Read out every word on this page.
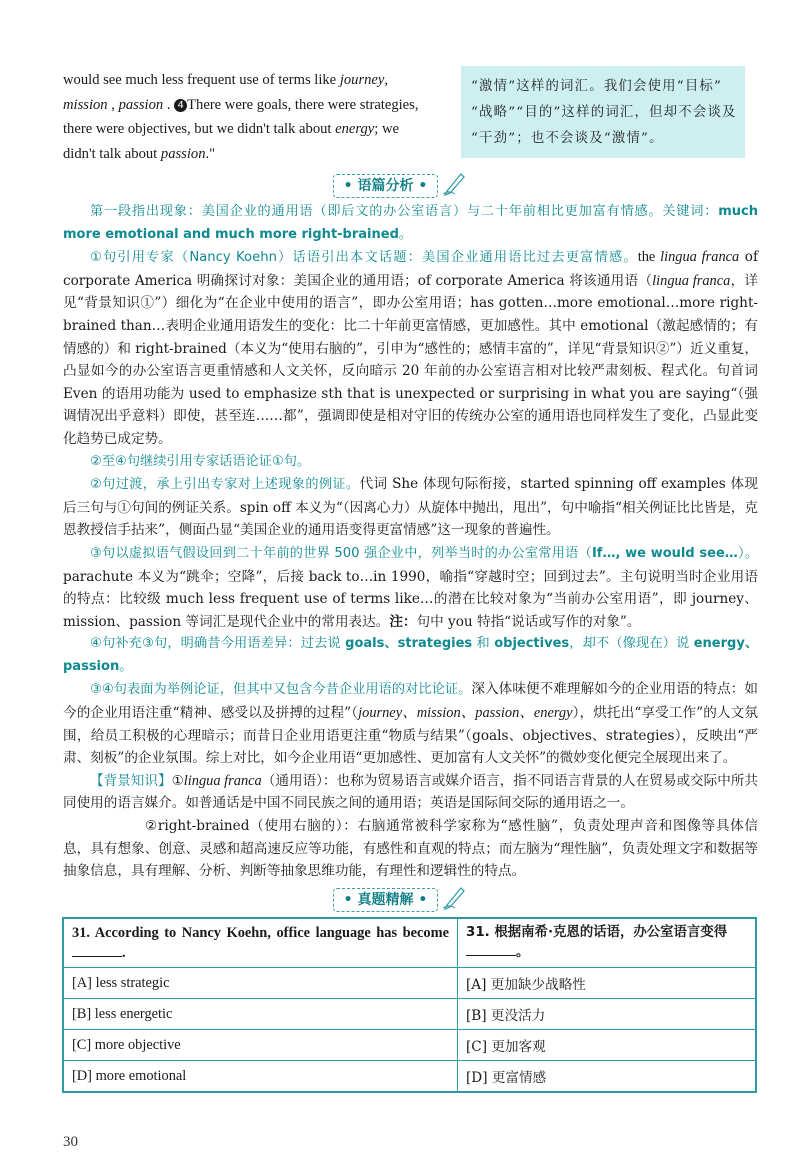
would see much less frequent use of terms like journey,
mission , passion . 4 There were goals, there were strategies,
there were objectives, but we didn't talk about energy; we
didn't talk about passion."
“激情”这样的词汇。我们会使用“目标”
“战略”“目的”这样的词汇，但却不会谈及
“干劲”；也不会谈及“激情”。
• 语篇分析 •

第一段指出现象：美国企业的通用语（即后文的办公室语言）与二十年前相比更加富有情感。关键词：much more emotional and much more right-brained。

①句引用专家（Nancy Koehn）话语引出本文话题：美国企业通用语比过去更富情感。the lingua franca of corporate America 明确探讨对象：美国企业的通用语；of corporate America 将该通用语（lingua franca，详见“背景知识①”）细化为“在企业中使用的语言”，即办公室用语；has gotten…more emotional…more right-brained than…表明企业通用语发生的变化：比二十年前更富情感，更加感性。其中 emotional（激起感情的；有情感的）和 right-brained（本义为“使用右脑的”，引申为“感性的；感情丰富的”，详见“背景知识②”）近义重复，凸显如今的办公室语言更重情感和人文关怀，反向暗示 20 年前的办公室语言相对比较严肃刻板、程式化。句首词 Even 的语用功能为 used to emphasize sth that is unexpected or surprising in what you are saying“（强调情况出乎意料）即使，甚至连……都”，强调即使是相对守旧的传统办公室的通用语也同样发生了变化，凸显此变化趋势已成定势。

②至④句继续引用专家话语论证①句。

②句过渡，承上引出专家对上述现象的例证。代词 She 体现句际衔接，started spinning off examples 体现后三句与①句间的例证关系。spin off 本义为“（因离心力）从旋体中抛出，甩出”，句中喻指“相关例证比比皆是，克恩教授信手拈来”，侧面凸显“美国企业的通用语变得更富情感”这一现象的普遍性。

③句以虚拟语气假设回到二十年前的世界 500 强企业中，列举当时的办公室常用语（If…, we would see…）。parachute 本义为“跳伞；空降”，后接 back to…in 1990，喻指“穿越时空；回到过去”。主句说明当时企业用语的特点：比较级 much less frequent use of terms like…的潜在比较对象为“当前办公室用语”，即 journey、mission、passion 等词汇是现代企业中的常用表达。注：句中 you 特指“说话或写作的对象”。

④句补充③句，明确昔今用语差异：过去说 goals、strategies 和 objectives，却不（像现在）说 energy、passion。

③④句表面为举例论证，但其中又包含今昔企业用语的对比论证。深入体味便不难理解如今的企业用语的特点：如今的企业用语注重“精神、感受以及拼搏的过程”（journey、mission、passion、energy），烘托出“享受工作”的人文氛围，给员工积极的心理暗示；而昔日企业用语更注重“物质与结果”（goals、objectives、strategies），反映出“严肃、刻板”的企业氛围。综上对比，如今企业用语“更加感性、更加富有人文关怀”的微妙变化便完全展现出来了。

【背景知识】①lingua franca（通用语）：也称为贸易语言或媒介语言，指不同语言背景的人在贸易或交际中所共同使用的语言媒介。如普通话是中国不同民族之间的通用语；英语是国际间交际的通用语之一。

②right-brained（使用右脑的）：右脑通常被科学家称为“感性脑”，负责处理声音和图像等具体信息，具有想象、创意、灵感和超高速反应等功能，有感性和直观的特点；而左脑为“理性脑”，负责处理文字和数据等抽象信息，具有理解、分析、判断等抽象思维功能，有理性和逻辑性的特点。

• 真题精解 •
31. According to Nancy Koehn, office language has become .	31. 根据南希·克恩的话语，办公室语言变得。
[A] less strategic	[A] 更加缺少战略性
[B] less energetic	[B] 更没活力
[C] more objective	[C] 更加客观
[D] more emotional	[D] 更富情感
30
